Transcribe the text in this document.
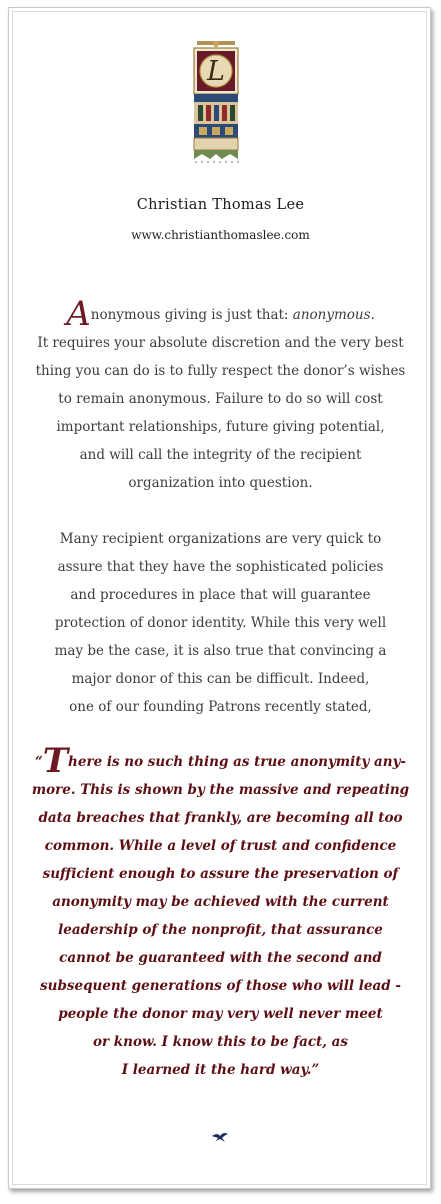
L
Christian Thomas Lee
www.christianthomaslee.com
Anonymous giving is just that: anonymous.
It requires your absolute discretion and the very best
thing you can do is to fully respect the donor’s wishes
to remain anonymous. Failure to do so will cost
important relationships, future giving potential,
and will call the integrity of the recipient
organization into question.
Many recipient organizations are very quick to
assure that they have the sophisticated policies
and procedures in place that will guarantee
protection of donor identity. While this very well
may be the case, it is also true that convincing a
major donor of this can be difficult. Indeed,
one of our founding Patrons recently stated,
“There is no such thing as true anonymity any-
more. This is shown by the massive and repeating
data breaches that frankly, are becoming all too
common. While a level of trust and confidence
sufficient enough to assure the preservation of
anonymity may be achieved with the current
leadership of the nonprofit, that assurance
cannot be guaranteed with the second and
subsequent generations of those who will lead -
people the donor may very well never meet
or know. I know this to be fact, as
I learned it the hard way.”
